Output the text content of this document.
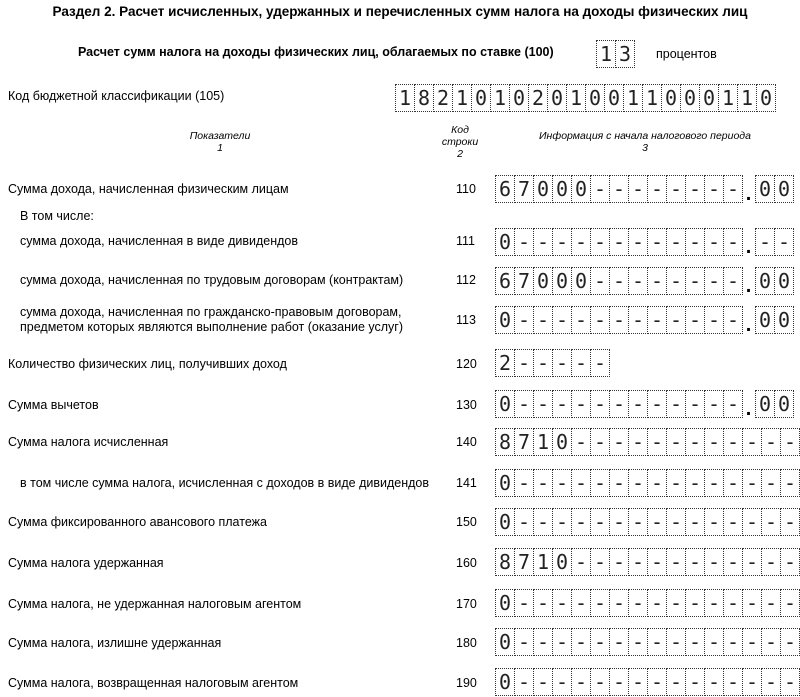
Раздел 2. Расчет исчисленных, удержанных и перечисленных сумм налога на доходы физических лиц
Расчет сумм налога на доходы физических лиц, облагаемых по ставке (100) 1 3	процентов
Код бюджетной классификации (105)	1 8 2 1 0 1 0 2 0 1 0 0 1 1 0 0 0 1 1 0
Показатели
1
Код
строки
2
Информация с начала налогового периода
3
В том числе:
Сумма дохода, начисленная физическим лицам	110 6 7 0 0 0 - - - - - - - - . 0 0
сумма дохода, начисленная в виде дивидендов	111 0 - - - - - - - - - - - - . - -
сумма дохода, начисленная по трудовым договорам (контрактам)	112 6 7 0 0 0 - - - - - - - - . 0 0
сумма дохода, начисленная по гражданско-правовым договорам,
предметом которых являются выполнение работ (оказание услуг)	113 0 - - - - - - - - - - - - . 0 0
Количество физических лиц, получивших доход	120 2 - - - - -
Сумма вычетов	130 0 - - - - - - - - - - - - . 0 0
Сумма налога исчисленная	140 8 7 1 0 - - - - - - - - - - - -
в том числе сумма налога, исчисленная с доходов в виде дивидендов 141 0 - - - - - - - - - - - - - - -
Сумма фиксированного авансового платежа	150 0 - - - - - - - - - - - - - - -
Сумма налога удержанная	160 8 7 1 0 - - - - - - - - - - - -
Сумма налога, не удержанная налоговым агентом	170 0 - - - - - - - - - - - - - - -
Сумма налога, излишне удержанная	180 0 - - - - - - - - - - - - - - -
Сумма налога, возвращенная налоговым агентом	190 0 - - - - - - - - - - - - - - -
